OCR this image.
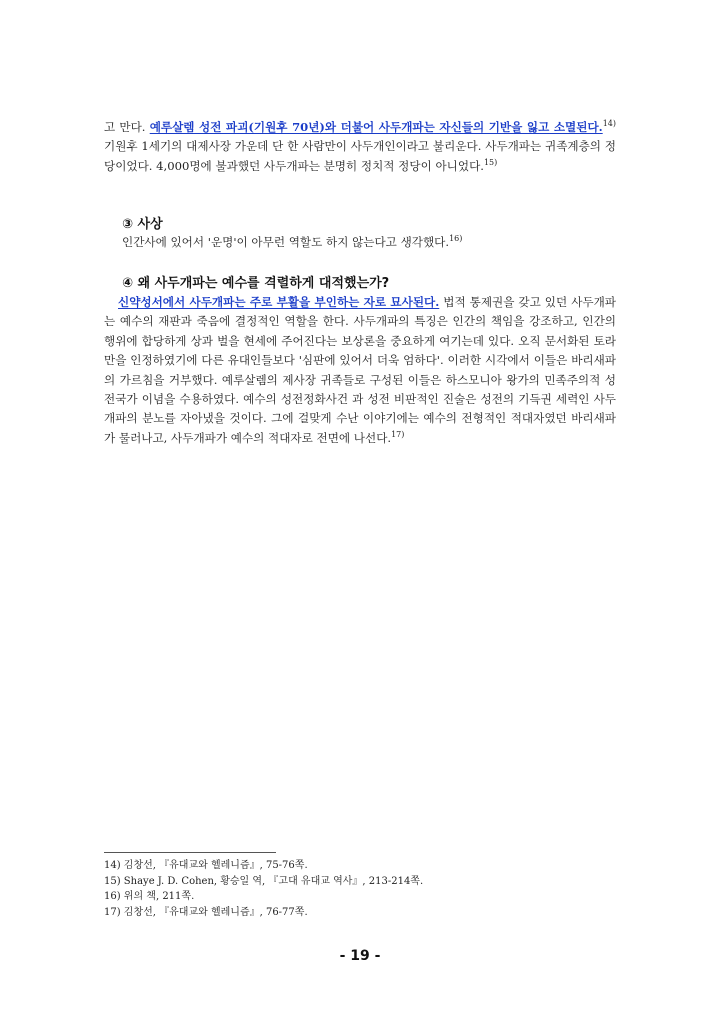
고 만다. 예루살렘 성전 파괴(기원후 70년)와 더불어 사두개파는 자신들의 기반을 잃고 소멸된다.$^{14)}$ 기원후 1세기의 대제사장 가운데 단 한 사람만이 사두개인이라고 불리운다. 사두개파는 귀족계층의 정당이었다. 4,000명에 불과했던 사두개파는 분명히 정치적 정당이 아니었다.$^{15)}$

③ 사상

인간사에 있어서 '운명'이 아무런 역할도 하지 않는다고 생각했다.$^{16)}$

④ 왜 사두개파는 예수를 격렬하게 대적했는가?

신약성서에서 사두개파는 주로 부활을 부인하는 자로 묘사된다. 법적 통제권을 갖고 있던 사두개파는 예수의 재판과 죽음에 결정적인 역할을 한다. 사두개파의 특징은 인간의 책임을 강조하고, 인간의 행위에 합당하게 상과 벌을 현세에 주어진다는 보상론을 중요하게 여기는데 있다. 오직 문서화된 토라만을 인정하였기에 다른 유대인들보다 '심판에 있어서 더욱 엄하다'. 이러한 시각에서 이들은 바리새파의 가르침을 거부했다. 예루살렘의 제사장 귀족들로 구성된 이들은 하스모니아 왕가의 민족주의적 성전국가 이념을 수용하였다. 예수의 성전정화사건 과 성전 비판적인 진술은 성전의 기득권 세력인 사두개파의 분노를 자아냈을 것이다. 그에 걸맞게 수난 이야기에는 예수의 전형적인 적대자였던 바리새파가 물러나고, 사두개파가 예수의 적대자로 전면에 나선다.$^{17)}$

14) 김창선, 『유대교와 헬레니즘』, 75-76쪽.
15) Shaye J. D. Cohen, 황승일 역, 『고대 유대교 역사』, 213-214쪽.
16) 위의 책, 211쪽.
17) 김창선, 『유대교와 헬레니즘』, 76-77쪽.
- 19 -
